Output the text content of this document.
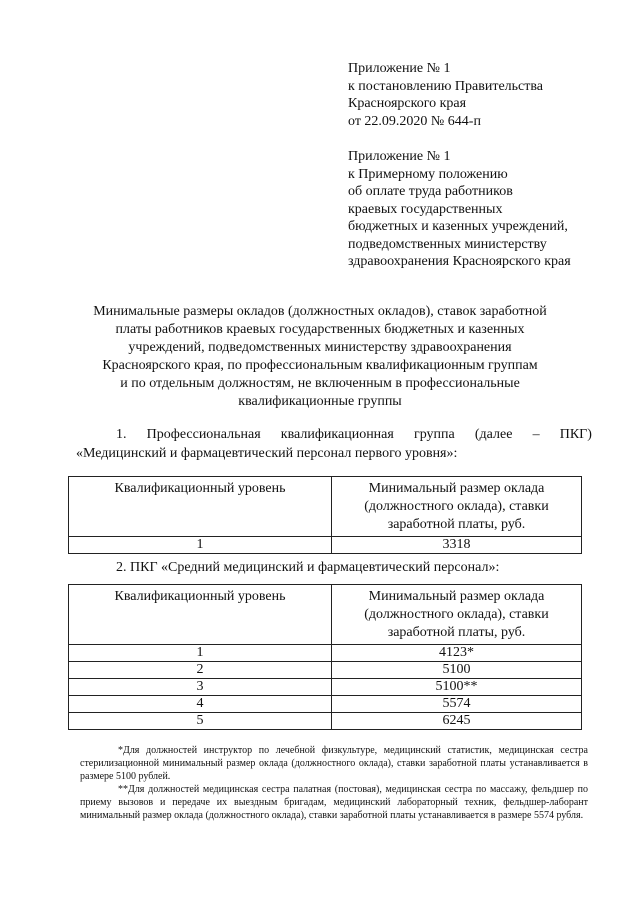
Приложение № 1
к постановлению Правительства
Красноярского края
от 22.09.2020 № 644-п
Приложение № 1
к Примерному положению
об оплате труда работников
краевых государственных
бюджетных и казенных учреждений,
подведомственных министерству
здравоохранения Красноярского края
Минимальные размеры окладов (должностных окладов), ставок заработной
платы работников краевых государственных бюджетных и казенных
учреждений, подведомственных министерству здравоохранения
Красноярского края, по профессиональным квалификационным группам
и по отдельным должностям, не включенным в профессиональные
квалификационные группы
1. Профессиональная квалификационная группа (далее – ПКГ)
«Медицинский и фармацевтический персонал первого уровня»:
Квалификационный уровень	Минимальный размер оклада
(должностного оклада), ставки
заработной платы, руб.

1	3318
2. ПКГ «Средний медицинский и фармацевтический персонал»:
Квалификационный уровень	Минимальный размер оклада
(должностного оклада), ставки
заработной платы, руб.

1	4123*
2	5100
3	5100**
4	5574
5	6245

*Для должностей инструктор по лечебной физкультуре, медицинский статистик, медицинская сестра стерилизационной минимальный размер оклада (должностного оклада), ставки заработной платы устанавливается в размере 5100 рублей.

**Для должностей медицинская сестра палатная (постовая), медицинская сестра по массажу, фельдшер по приему вызовов и передаче их выездным бригадам, медицинский лабораторный техник, фельдшер-лаборант минимальный размер оклада (должностного оклада), ставки заработной платы устанавливается в размере 5574 рубля.
